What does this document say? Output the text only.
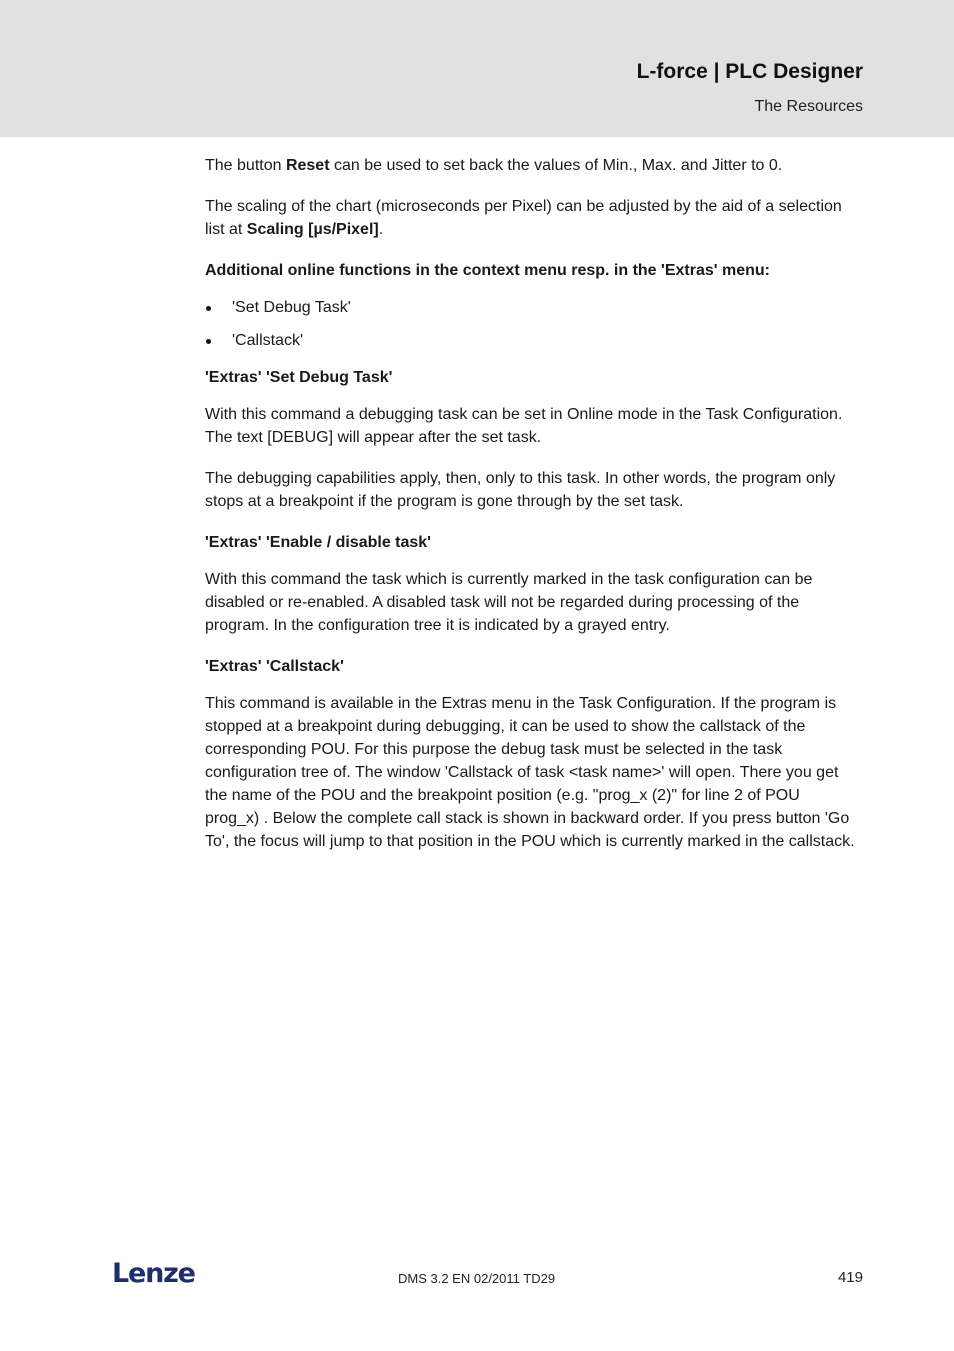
L-force | PLC Designer
The Resources

The button Reset can be used to set back the values of Min., Max. and Jitter to 0.

The scaling of the chart (microseconds per Pixel) can be adjusted by the aid of a selection list at Scaling [µs/Pixel].

Additional online functions in the context menu resp. in the 'Extras' menu:

'Set Debug Task'
'Callstack'

'Extras' 'Set Debug Task'

With this command a debugging task can be set in Online mode in the Task Configuration. The text [DEBUG] will appear after the set task.

The debugging capabilities apply, then, only to this task. In other words, the program only stops at a breakpoint if the program is gone through by the set task.

'Extras' 'Enable / disable task'

With this command the task which is currently marked in the task configuration can be disabled or re-enabled. A disabled task will not be regarded during processing of the program. In the configuration tree it is indicated by a grayed entry.

'Extras' 'Callstack'

This command is available in the Extras menu in the Task Configuration. If the program is stopped at a breakpoint during debugging, it can be used to show the callstack of the corresponding POU. For this purpose the debug task must be selected in the task configuration tree of. The window 'Callstack of task <task name>' will open. There you get the name of the POU and the breakpoint position (e.g. "prog_x (2)" for line 2 of POU prog_x) . Below the complete call stack is shown in backward order. If you press button 'Go To', the focus will jump to that position in the POU which is currently marked in the callstack.

Lenze	DMS 3.2 EN 02/2011 TD29	419
